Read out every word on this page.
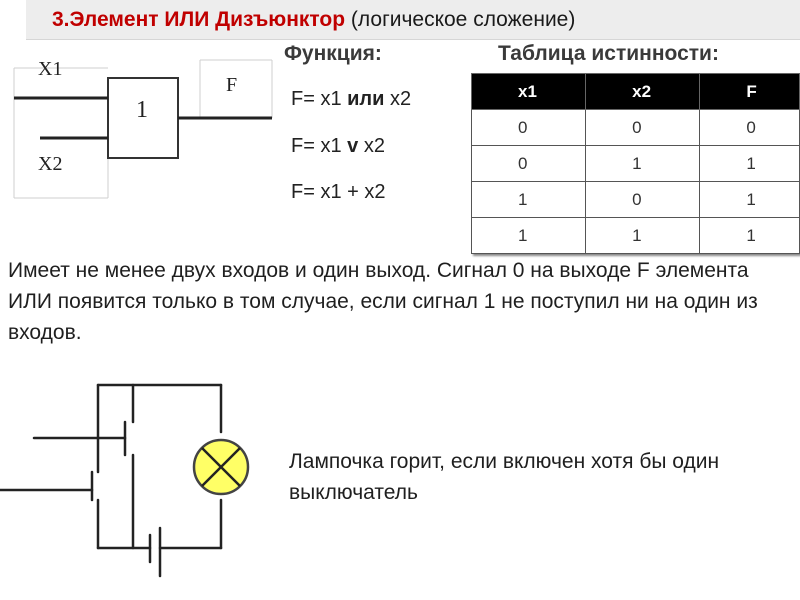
3.Элемент ИЛИ Дизъюнктор (логическое сложение)
X1
X2
1
F
Функция:
F= x1 или x2
F= x1 v x2
F= x1 + x2
Таблица истинности:
x1	x2	F
0	0	0
0	1	1
1	0	1
1	1	1
Имеет не менее двух входов и один выход. Сигнал 0 на выходе F элемента ИЛИ появится только в том случае, если сигнал 1 не поступил ни на один из входов.
Лампочка горит, если включен хотя бы один выключатель
